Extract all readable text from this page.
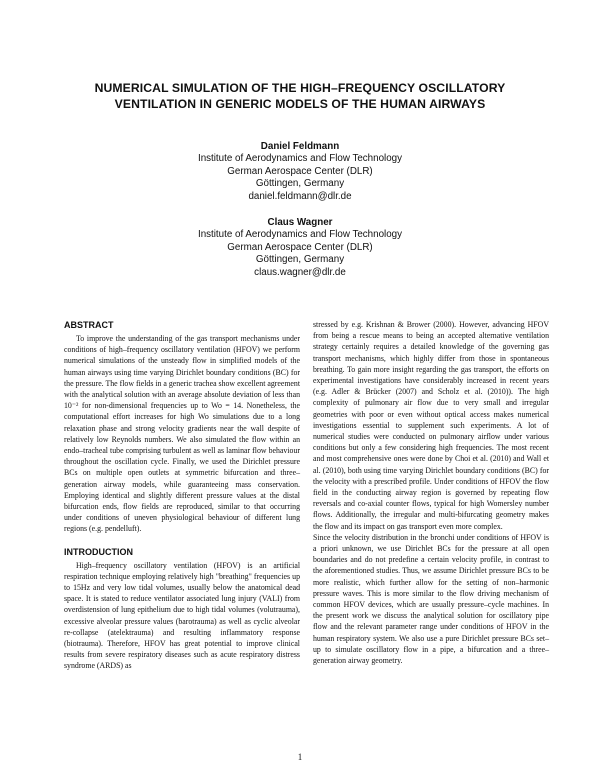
NUMERICAL SIMULATION OF THE HIGH–FREQUENCY OSCILLATORY VENTILATION IN GENERIC MODELS OF THE HUMAN AIRWAYS
Daniel Feldmann
Institute of Aerodynamics and Flow Technology
German Aerospace Center (DLR)
Göttingen, Germany
daniel.feldmann@dlr.de
Claus Wagner
Institute of Aerodynamics and Flow Technology
German Aerospace Center (DLR)
Göttingen, Germany
claus.wagner@dlr.de
ABSTRACT

To improve the understanding of the gas transport mechanisms under conditions of high–frequency oscillatory ventilation (HFOV) we perform numerical simulations of the unsteady flow in simplified models of the human airways using time varying Dirichlet boundary conditions (BC) for the pressure. The flow fields in a generic trachea show excellent agreement with the analytical solution with an average absolute deviation of less than 10⁻² for non-dimensional frequencies up to Wo = 14. Nonetheless, the computational effort increases for high Wo simulations due to a long relaxation phase and strong velocity gradients near the wall despite of relatively low Reynolds numbers. We also simulated the flow within an endo–tracheal tube comprising turbulent as well as laminar flow behaviour throughout the oscillation cycle. Finally, we used the Dirichlet pressure BCs on multiple open outlets at symmetric bifurcation and three–generation airway models, while guaranteeing mass conservation. Employing identical and slightly different pressure values at the distal bifurcation ends, flow fields are reproduced, similar to that occurring under conditions of uneven physiological behaviour of different lung regions (e.g. pendelluft).

INTRODUCTION

High–frequency oscillatory ventilation (HFOV) is an artificial respiration technique employing relatively high "breathing" frequencies up to 15Hz and very low tidal volumes, usually below the anatomical dead space. It is stated to reduce ventilator associated lung injury (VALI) from overdistension of lung epithelium due to high tidal volumes (volutrauma), excessive alveolar pressure values (barotrauma) as well as cyclic alveolar re-collapse (atelektrauma) and resulting inflammatory response (biotrauma). Therefore, HFOV has great potential to improve clinical results from severe respiratory diseases such as acute respiratory distress syndrome (ARDS) as

stressed by e.g. Krishnan & Brower (2000). However, advancing HFOV from being a rescue means to being an accepted alternative ventilation strategy certainly requires a detailed knowledge of the governing gas transport mechanisms, which highly differ from those in spontaneous breathing. To gain more insight regarding the gas transport, the efforts on experimental investigations have considerably increased in recent years (e.g. Adler & Brücker (2007) and Scholz et al. (2010)). The high complexity of pulmonary air flow due to very small and irregular geometries with poor or even without optical access makes numerical investigations essential to supplement such experiments. A lot of numerical studies were conducted on pulmonary airflow under various conditions but only a few considering high frequencies. The most recent and most comprehensive ones were done by Choi et al. (2010) and Wall et al. (2010), both using time varying Dirichlet boundary conditions (BC) for the velocity with a prescribed profile. Under conditions of HFOV the flow field in the conducting airway region is governed by repeating flow reversals and co-axial counter flows, typical for high Womersley number flows. Additionally, the irregular and multi-bifurcating geometry makes the flow and its impact on gas transport even more complex.

Since the velocity distribution in the bronchi under conditions of HFOV is a priori unknown, we use Dirichlet BCs for the pressure at all open boundaries and do not predefine a certain velocity profile, in contrast to the aforementioned studies. Thus, we assume Dirichlet pressure BCs to be more realistic, which further allow for the setting of non–harmonic pressure waves. This is more similar to the flow driving mechanism of common HFOV devices, which are usually pressure–cycle machines. In the present work we discuss the analytical solution for oscillatory pipe flow and the relevant parameter range under conditions of HFOV in the human respiratory system. We also use a pure Dirichlet pressure BCs set–up to simulate oscillatory flow in a pipe, a bifurcation and a three–generation airway geometry.

1
